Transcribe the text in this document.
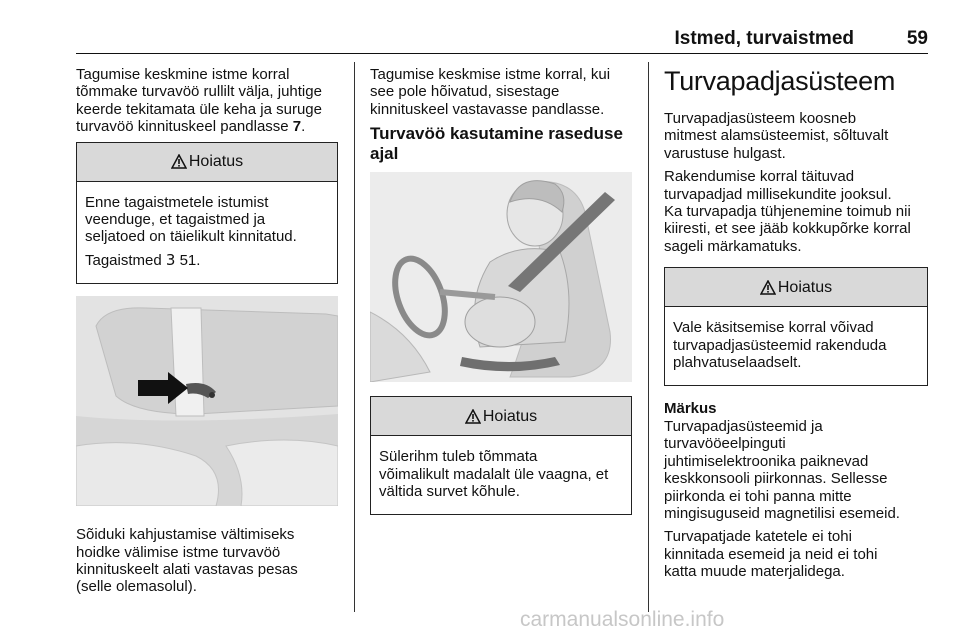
Istmed, turvaistmed	59

Tagumise keskmine istme korral
tõmmake turvavöö rullilt välja, juhtige
keerde tekitamata üle keha ja suruge
turvavöö kinnituskeel pandlasse 7.

Hoiatus

Enne tagaistmetele istumist
veenduge, et tagaistmed ja
seljatoed on täielikult kinnitatud.

Tagaistmed 3 51.

Sõiduki kahjustamise vältimiseks
hoidke välimise istme turvavöö
kinnituskeelt alati vastavas pesas
(selle olemasolul).

Tagumise keskmise istme korral, kui
see pole hõivatud, sisestage
kinnituskeel vastavasse pandlasse.

Turvavöö kasutamine raseduse
ajal
Hoiatus

Sülerihm tuleb tõmmata
võimalikult madalalt üle vaagna, et
vältida survet kõhule.

Turvapadjasüsteem

Turvapadjasüsteem koosneb
mitmest alamsüsteemist, sõltuvalt
varustuse hulgast.

Rakendumise korral täituvad
turvapadjad millisekundite jooksul.
Ka turvapadja tühjenemine toimub nii
kiiresti, et see jääb kokkupõrke korral
sageli märkamatuks.

Hoiatus

Vale käsitsemise korral võivad
turvapadjasüsteemid rakenduda
plahvatuselaadselt.

Märkus
Turvapadjasüsteemid ja
turvavööeelpinguti
juhtimiselektroonika paiknevad
keskkonsooli piirkonnas. Sellesse
piirkonda ei tohi panna mitte
mingisuguseid magnetilisi esemeid.

Turvapatjade katetele ei tohi
kinnitada esemeid ja neid ei tohi
katta muude materjalidega.

carmanualsonline.info
